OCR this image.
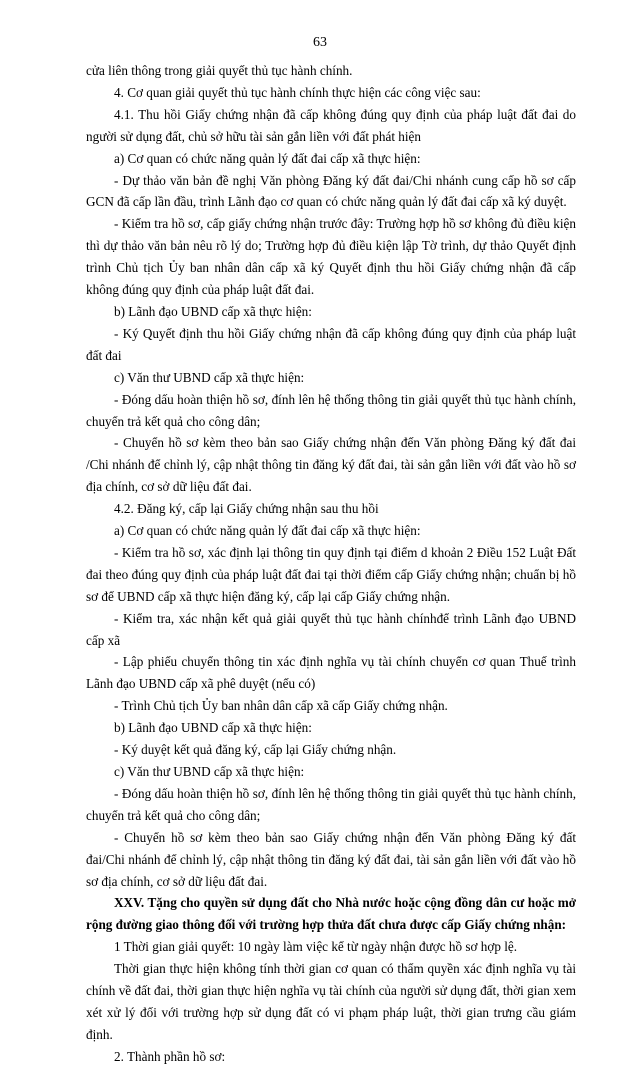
63

cửa liên thông trong giải quyết thủ tục hành chính.

4. Cơ quan giải quyết thủ tục hành chính thực hiện các công việc sau:

4.1. Thu hồi Giấy chứng nhận đã cấp không đúng quy định của pháp luật đất đai do người sử dụng đất, chủ sở hữu tài sản gắn liền với đất phát hiện

a) Cơ quan có chức năng quản lý đất đai cấp xã thực hiện:

- Dự thảo văn bản đề nghị Văn phòng Đăng ký đất đai/Chi nhánh cung cấp hồ sơ cấp GCN đã cấp lần đầu, trình Lãnh đạo cơ quan có chức năng quản lý đất đai cấp xã ký duyệt.

- Kiểm tra hồ sơ, cấp giấy chứng nhận trước đây: Trường hợp hồ sơ không đủ điều kiện thì dự thảo văn bản nêu rõ lý do; Trường hợp đủ điều kiện lập Tờ trình, dự thảo Quyết định trình Chủ tịch Ủy ban nhân dân cấp xã ký Quyết định thu hồi Giấy chứng nhận đã cấp không đúng quy định của pháp luật đất đai.

b) Lãnh đạo UBND cấp xã thực hiện:

- Ký Quyết định thu hồi Giấy chứng nhận đã cấp không đúng quy định của pháp luật đất đai

c) Văn thư UBND cấp xã thực hiện:

- Đóng dấu hoàn thiện hồ sơ, đính lên hệ thống thông tin giải quyết thủ tục hành chính, chuyển trả kết quả cho công dân;

- Chuyển hồ sơ kèm theo bản sao Giấy chứng nhận đến Văn phòng Đăng ký đất đai /Chi nhánh để chỉnh lý, cập nhật thông tin đăng ký đất đai, tài sản gắn liền với đất vào hồ sơ địa chính, cơ sở dữ liệu đất đai.

4.2. Đăng ký, cấp lại Giấy chứng nhận sau thu hồi

a) Cơ quan có chức năng quản lý đất đai cấp xã thực hiện:

- Kiểm tra hồ sơ, xác định lại thông tin quy định tại điểm d khoản 2 Điều 152 Luật Đất đai theo đúng quy định của pháp luật đất đai tại thời điểm cấp Giấy chứng nhận; chuẩn bị hồ sơ để UBND cấp xã thực hiện đăng ký, cấp lại cấp Giấy chứng nhận.

- Kiểm tra, xác nhận kết quả giải quyết thủ tục hành chínhđể trình Lãnh đạo UBND cấp xã

- Lập phiếu chuyển thông tin xác định nghĩa vụ tài chính chuyển cơ quan Thuế trình Lãnh đạo UBND cấp xã phê duyệt (nếu có)

- Trình Chủ tịch Ủy ban nhân dân cấp xã cấp Giấy chứng nhận.

b) Lãnh đạo UBND cấp xã thực hiện:

- Ký duyệt kết quả đăng ký, cấp lại Giấy chứng nhận.

c) Văn thư UBND cấp xã thực hiện:

- Đóng dấu hoàn thiện hồ sơ, đính lên hệ thống thông tin giải quyết thủ tục hành chính, chuyển trả kết quả cho công dân;

- Chuyển hồ sơ kèm theo bản sao Giấy chứng nhận đến Văn phòng Đăng ký đất đai/Chi nhánh để chỉnh lý, cập nhật thông tin đăng ký đất đai, tài sản gắn liền với đất vào hồ sơ địa chính, cơ sở dữ liệu đất đai.

XXV. Tặng cho quyền sử dụng đất cho Nhà nước hoặc cộng đồng dân cư hoặc mở rộng đường giao thông đối với trường hợp thửa đất chưa được cấp Giấy chứng nhận:

1 Thời gian giải quyết: 10 ngày làm việc kể từ ngày nhận được hồ sơ hợp lệ.

Thời gian thực hiện không tính thời gian cơ quan có thẩm quyền xác định nghĩa vụ tài chính về đất đai, thời gian thực hiện nghĩa vụ tài chính của người sử dụng đất, thời gian xem xét xử lý đối với trường hợp sử dụng đất có vi phạm pháp luật, thời gian trưng cầu giám định.

2. Thành phần hồ sơ:
